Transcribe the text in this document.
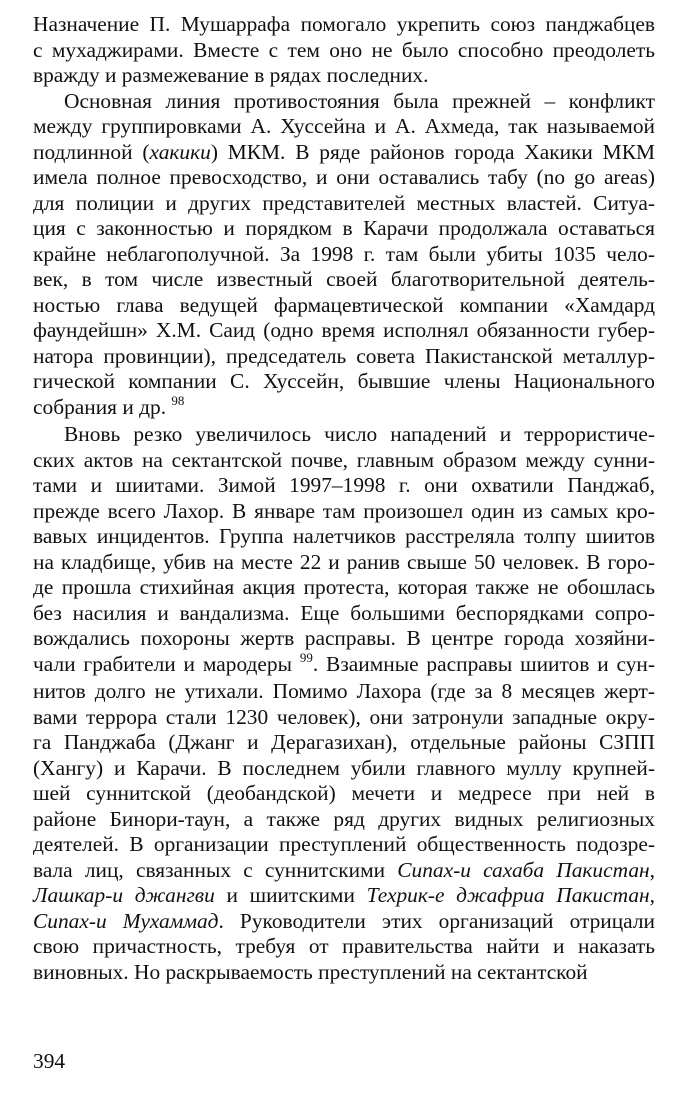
Назначение П. Мушаррафа помогало укрепить союз панджабцев
с мухаджирами. Вместе с тем оно не было способно преодолеть
вражду и размежевание в рядах последних.
Основная линия противостояния была прежней – конфликт
между группировками А. Хуссейна и А. Ахмеда, так называемой
подлинной (хакики) МКМ. В ряде районов города Хакики МКМ
имела полное превосходство, и они оставались табу (no go areas)
для полиции и других представителей местных властей. Ситуа-
ция с законностью и порядком в Карачи продолжала оставаться
крайне неблагополучной. За 1998 г. там были убиты 1035 чело-
век, в том числе известный своей благотворительной деятель-
ностью глава ведущей фармацевтической компании «Хамдард
фаундейшн» Х.М. Саид (одно время исполнял обязанности губер-
натора провинции), председатель совета Пакистанской металлур-
гической компании С. Хуссейн, бывшие члены Национального
собрания и др. $^{98}$
Вновь резко увеличилось число нападений и террористиче-
ских актов на сектантской почве, главным образом между сунни-
тами и шиитами. Зимой 1997–1998 г. они охватили Панджаб,
прежде всего Лахор. В январе там произошел один из самых кро-
вавых инцидентов. Группа налетчиков расстреляла толпу шиитов
на кладбище, убив на месте 22 и ранив свыше 50 человек. В горо-
де прошла стихийная акция протеста, которая также не обошлась
без насилия и вандализма. Еще большими беспорядками сопро-
вождались похороны жертв расправы. В центре города хозяйни-
чали грабители и мародеры $^{99}$. Взаимные расправы шиитов и сун-
нитов долго не утихали. Помимо Лахора (где за 8 месяцев жерт-
вами террора стали 1230 человек), они затронули западные окру-
га Панджаба (Джанг и Дерагазихан), отдельные районы СЗПП
(Хангу) и Карачи. В последнем убили главного муллу крупней-
шей суннитской (деобандской) мечети и медресе при ней в
районе Бинори-таун, а также ряд других видных религиозных
деятелей. В организации преступлений общественность подозре-
вала лиц, связанных с суннитскими Сипах-и сахаба Пакистан,
Лашкар-и джангви и шиитскими Техрик-е джафриа Пакистан,
Сипах-и Мухаммад. Руководители этих организаций отрицали
свою причастность, требуя от правительства найти и наказать
виновных. Но раскрываемость преступлений на сектантской
394
